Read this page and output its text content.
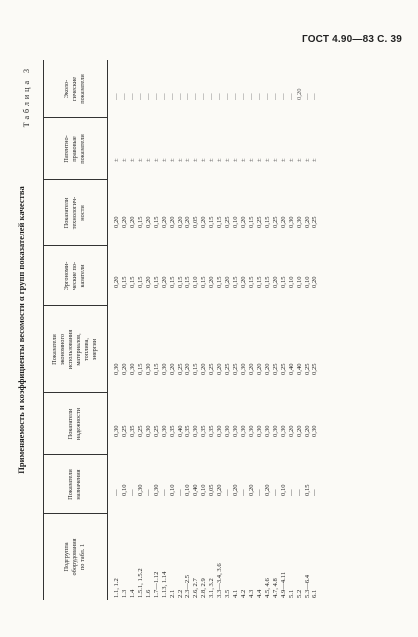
ГОСТ 4.90—83 С. 39
Применяемость и коэффициенты весомости α групп показателей качества
Таблица 3
Подгруппа
оборудования
по табл. 1
Показатели
назначения
Показатели
надежности
Показатели
экономного
использования
материалов,
топлива,
энергии
Эргономи-
ческие по-
казатели
Показатели
технологич-
ности
Патентно-
правовые
показатели
Эколо-
гические
показатели
1.1, 1.2 1.3 1.4 1.5.1, 1.5.2 1.6 1.7—1.12 1.13, 1.14 2.1 2.2 2.3—2.5 2.6, 2.7 2.8, 2.9 3.1, 3.2 3.3—3.4, 3.6 3.5 4.1 4.2 4.3 4.4 4.5, 4.6 4.7, 4.8 4.9—4.11 5.1 5.2 5.3—6.4 6.1
— 0,10 — 0,30 — 0,30 — 0,10 — 0,10 0,40 0,10 0,05 0,20 — 0,20 — 0,20 — 0,20 — 0,10 — — 0,15 —
0,30 0,25 0,35 0,25 0,30 0,25 0,30 0,35 0,40 0,35 0,30 0,35 0,35 0,30 0,30 0,30 0,30 0,30 0,30 0,30 0,30 0,30 0,20 0,20 0,20 0,30
0,30 0,20 0,30 0,15 0,30 0,15 0,30 0,20 0,25 0,20 0,15 0,20 0,25 0,20 0,25 0,25 0,30 0,20 0,20 0,20 0,25 0,25 0,40 0,40 0,25 0,25
0,20 0,15 0,15 0,15 0,20 0,15 0,20 0,15 0,15 0,15 0,10 0,15 0,20 0,15 0,20 0,15 0,20 0,15 0,15 0,15 0,20 0,15 0,10 0,10 0,10 0,20
0,20 0,20 0,20 0,15 0,20 0,15 0,20 0,20 0,20 0,20 0,05 0,20 0,15 0,15 0,25 0,10 0,20 0,15 0,25 0,15 0,25 0,20 0,30 0,30 0,20 0,25
± ± ± ± ± ± ± ± ± ± ± ± ± ± ± ± ± ± ± ± ± ± ± ± ± ±
— — — — — — — — — — — — — — — — — — — — — — — 0,20 — —
